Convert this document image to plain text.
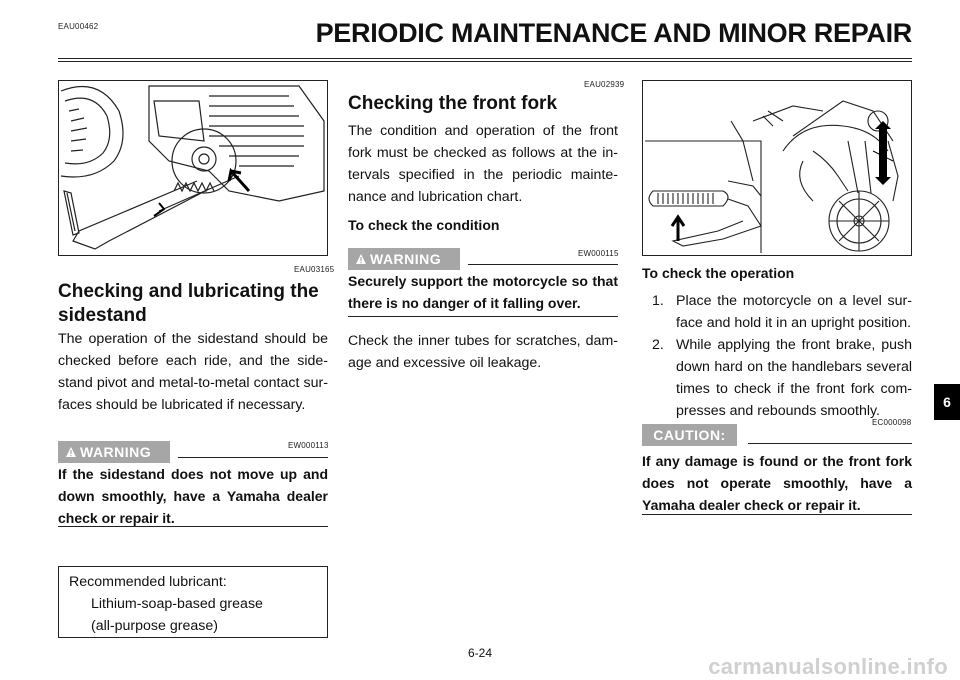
EAU00462	PERIODIC MAINTENANCE AND MINOR REPAIR
EAU03165
Checking and lubricating the sidestand
The operation of the sidestand should be checked before each ride, and the side-stand pivot and metal-to-metal contact sur-faces should be lubricated if necessary.
WARNING	EW000113
If the sidestand does not move up and down smoothly, have a Yamaha dealer check or repair it.
Recommended lubricant:
Lithium-soap-based grease
(all-purpose grease)
EAU02939
Checking the front fork
The condition and operation of the front fork must be checked as follows at the in-tervals specified in the periodic mainte-nance and lubrication chart.
To check the condition
WARNING	EW000115
Securely support the motorcycle so that there is no danger of it falling over.
Check the inner tubes for scratches, dam-age and excessive oil leakage.
To check the operation
1. Place the motorcycle on a level sur-face and hold it in an upright position.
2. While applying the front brake, push down hard on the handlebars several times to check if the front fork com-presses and rebounds smoothly.
EC000098
CAUTION:
If any damage is found or the front fork does not operate smoothly, have a Yamaha dealer check or repair it.
6
6-24
carmanualsonline.info
